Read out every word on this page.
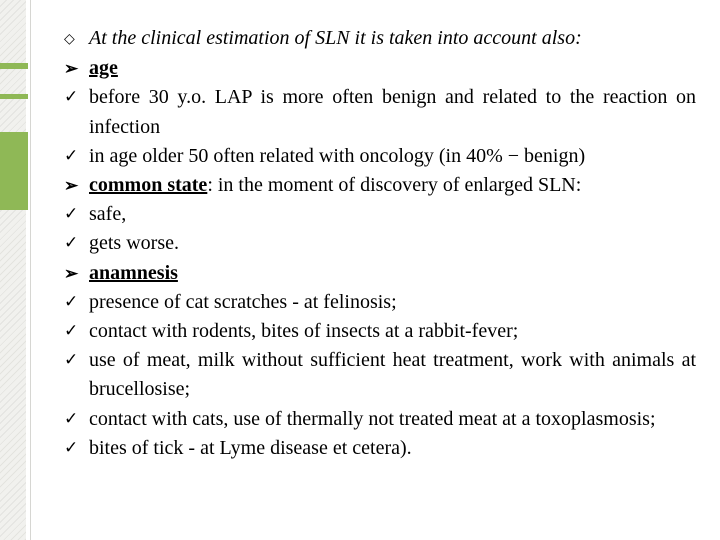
◇ At the clinical estimation of SLN it is taken into account also:
➢ age
✓ before 30 y.o. LAP is more often benign and related to the reaction on infection
✓ in age older 50 often related with oncology (in 40% − benign)
➢ common state: in the moment of discovery of enlarged SLN:
✓ safe,
✓ gets worse.
➢ anamnesis
✓ presence of cat scratches - at felinosis;
✓ contact with rodents, bites of insects at a rabbit-fever;
✓ use of meat, milk without sufficient heat treatment, work with animals at brucellosise;
✓ contact with cats, use of thermally not treated meat at a toxoplasmosis;
✓ bites of tick - at Lyme disease et cetera).
